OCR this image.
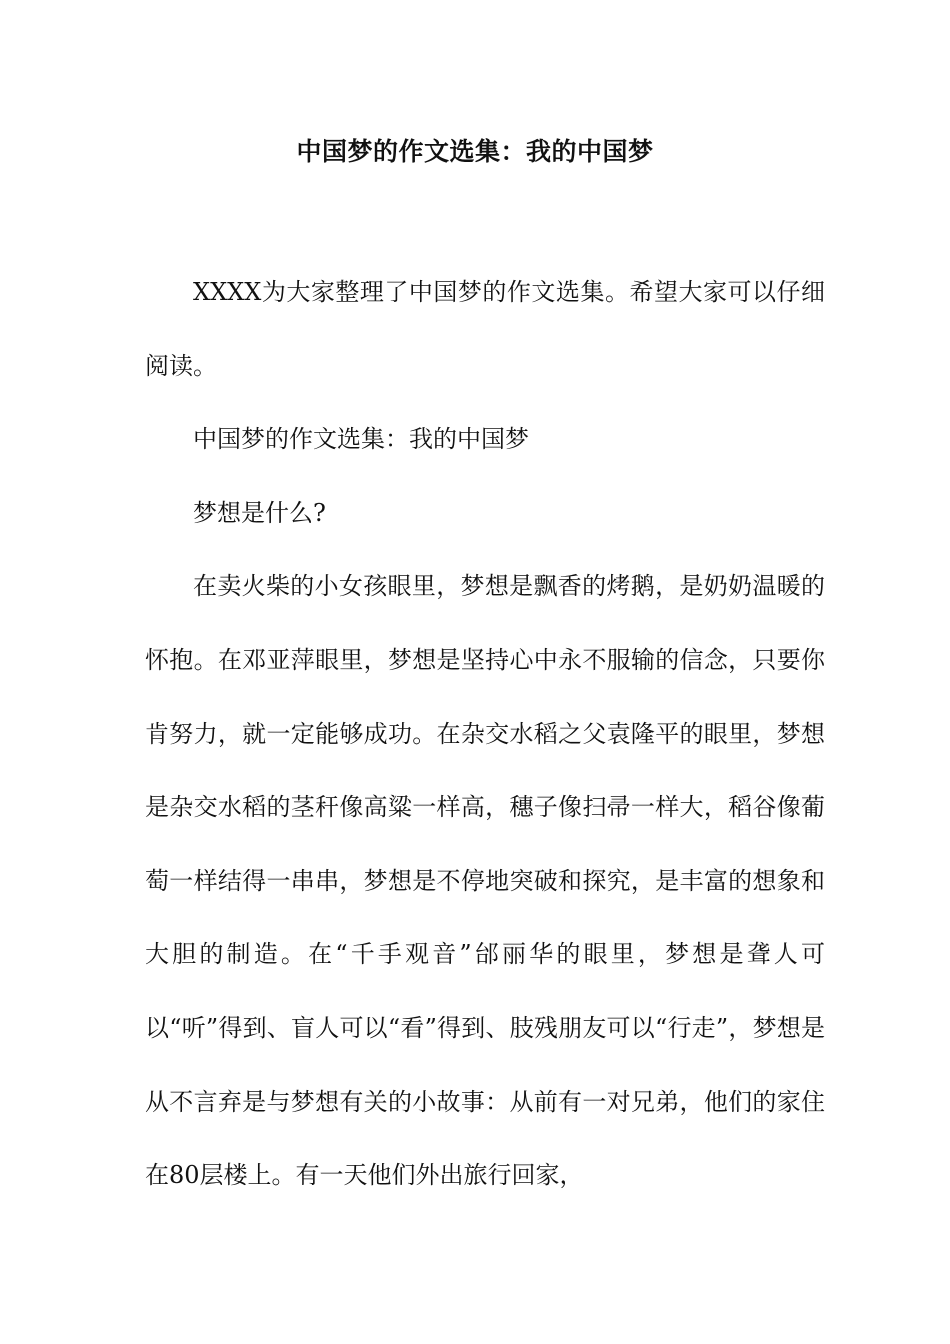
中国梦的作文选集：我的中国梦

XXXX为大家整理了中国梦的作文选集。希望大家可以仔细阅读。

中国梦的作文选集：我的中国梦

梦想是什么?

在卖火柴的小女孩眼里，梦想是飘香的烤鹅，是奶奶温暖的怀抱。在邓亚萍眼里，梦想是坚持心中永不服输的信念，只要你肯努力，就一定能够成功。在杂交水稻之父袁隆平的眼里，梦想是杂交水稻的茎秆像高粱一样高，穗子像扫帚一样大，稻谷像葡萄一样结得一串串，梦想是不停地突破和探究，是丰富的想象和大胆的制造。在“千手观音”邰丽华的眼里，梦想是聋人可以“听”得到、盲人可以“看”得到、肢残朋友可以“行走”，梦想是从不言弃是与梦想有关的小故事：从前有一对兄弟，他们的家住在80层楼上。有一天他们外出旅行回家，
